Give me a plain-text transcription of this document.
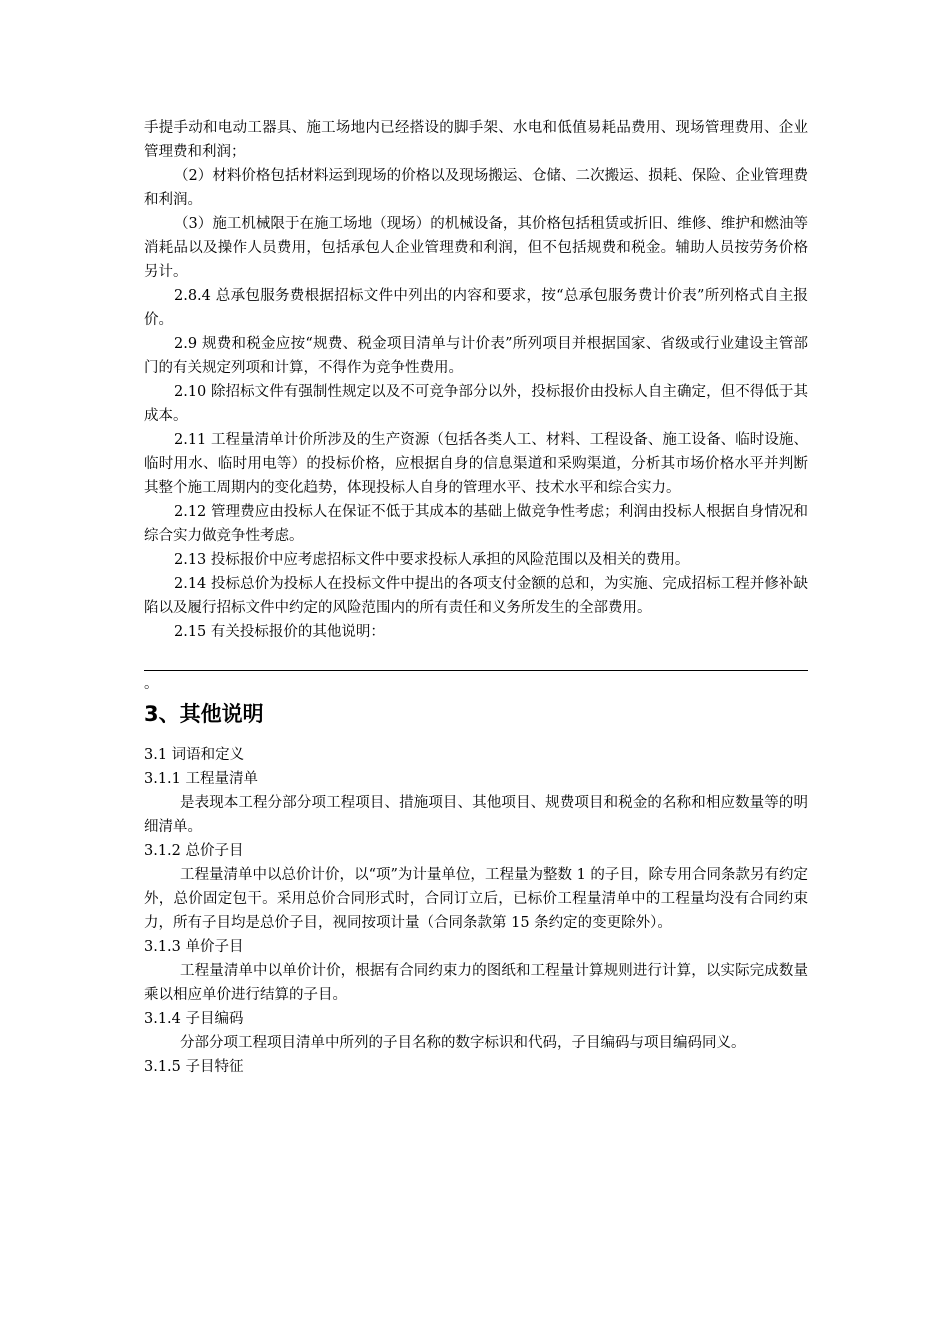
手提手动和电动工器具、施工场地内已经搭设的脚手架、水电和低值易耗品费用、现场管理费用、企业管理费和利润；

（2）材料价格包括材料运到现场的价格以及现场搬运、仓储、二次搬运、损耗、保险、企业管理费和利润。

（3）施工机械限于在施工场地（现场）的机械设备，其价格包括租赁或折旧、维修、维护和燃油等消耗品以及操作人员费用，包括承包人企业管理费和利润，但不包括规费和税金。辅助人员按劳务价格另计。

2.8.4 总承包服务费根据招标文件中列出的内容和要求，按“总承包服务费计价表”所列格式自主报价。

2.9 规费和税金应按“规费、税金项目清单与计价表”所列项目并根据国家、省级或行业建设主管部门的有关规定列项和计算，不得作为竞争性费用。

2.10 除招标文件有强制性规定以及不可竞争部分以外，投标报价由投标人自主确定，但不得低于其成本。

2.11 工程量清单计价所涉及的生产资源（包括各类人工、材料、工程设备、施工设备、临时设施、临时用水、临时用电等）的投标价格，应根据自身的信息渠道和采购渠道，分析其市场价格水平并判断其整个施工周期内的变化趋势，体现投标人自身的管理水平、技术水平和综合实力。

2.12 管理费应由投标人在保证不低于其成本的基础上做竞争性考虑；利润由投标人根据自身情况和综合实力做竞争性考虑。

2.13 投标报价中应考虑招标文件中要求投标人承担的风险范围以及相关的费用。

2.14 投标总价为投标人在投标文件中提出的各项支付金额的总和，为实施、完成招标工程并修补缺陷以及履行招标文件中约定的风险范围内的所有责任和义务所发生的全部费用。

2.15 有关投标报价的其他说明：

。

3、其他说明

3.1 词语和定义

3.1.1 工程量清单

是表现本工程分部分项工程项目、措施项目、其他项目、规费项目和税金的名称和相应数量等的明细清单。

3.1.2 总价子目

工程量清单中以总价计价，以“项”为计量单位，工程量为整数 1 的子目，除专用合同条款另有约定外，总价固定包干。采用总价合同形式时，合同订立后，已标价工程量清单中的工程量均没有合同约束力，所有子目均是总价子目，视同按项计量（合同条款第 15 条约定的变更除外）。

3.1.3 单价子目

工程量清单中以单价计价，根据有合同约束力的图纸和工程量计算规则进行计算，以实际完成数量乘以相应单价进行结算的子目。

3.1.4 子目编码

分部分项工程项目清单中所列的子目名称的数字标识和代码，子目编码与项目编码同义。

3.1.5 子目特征
